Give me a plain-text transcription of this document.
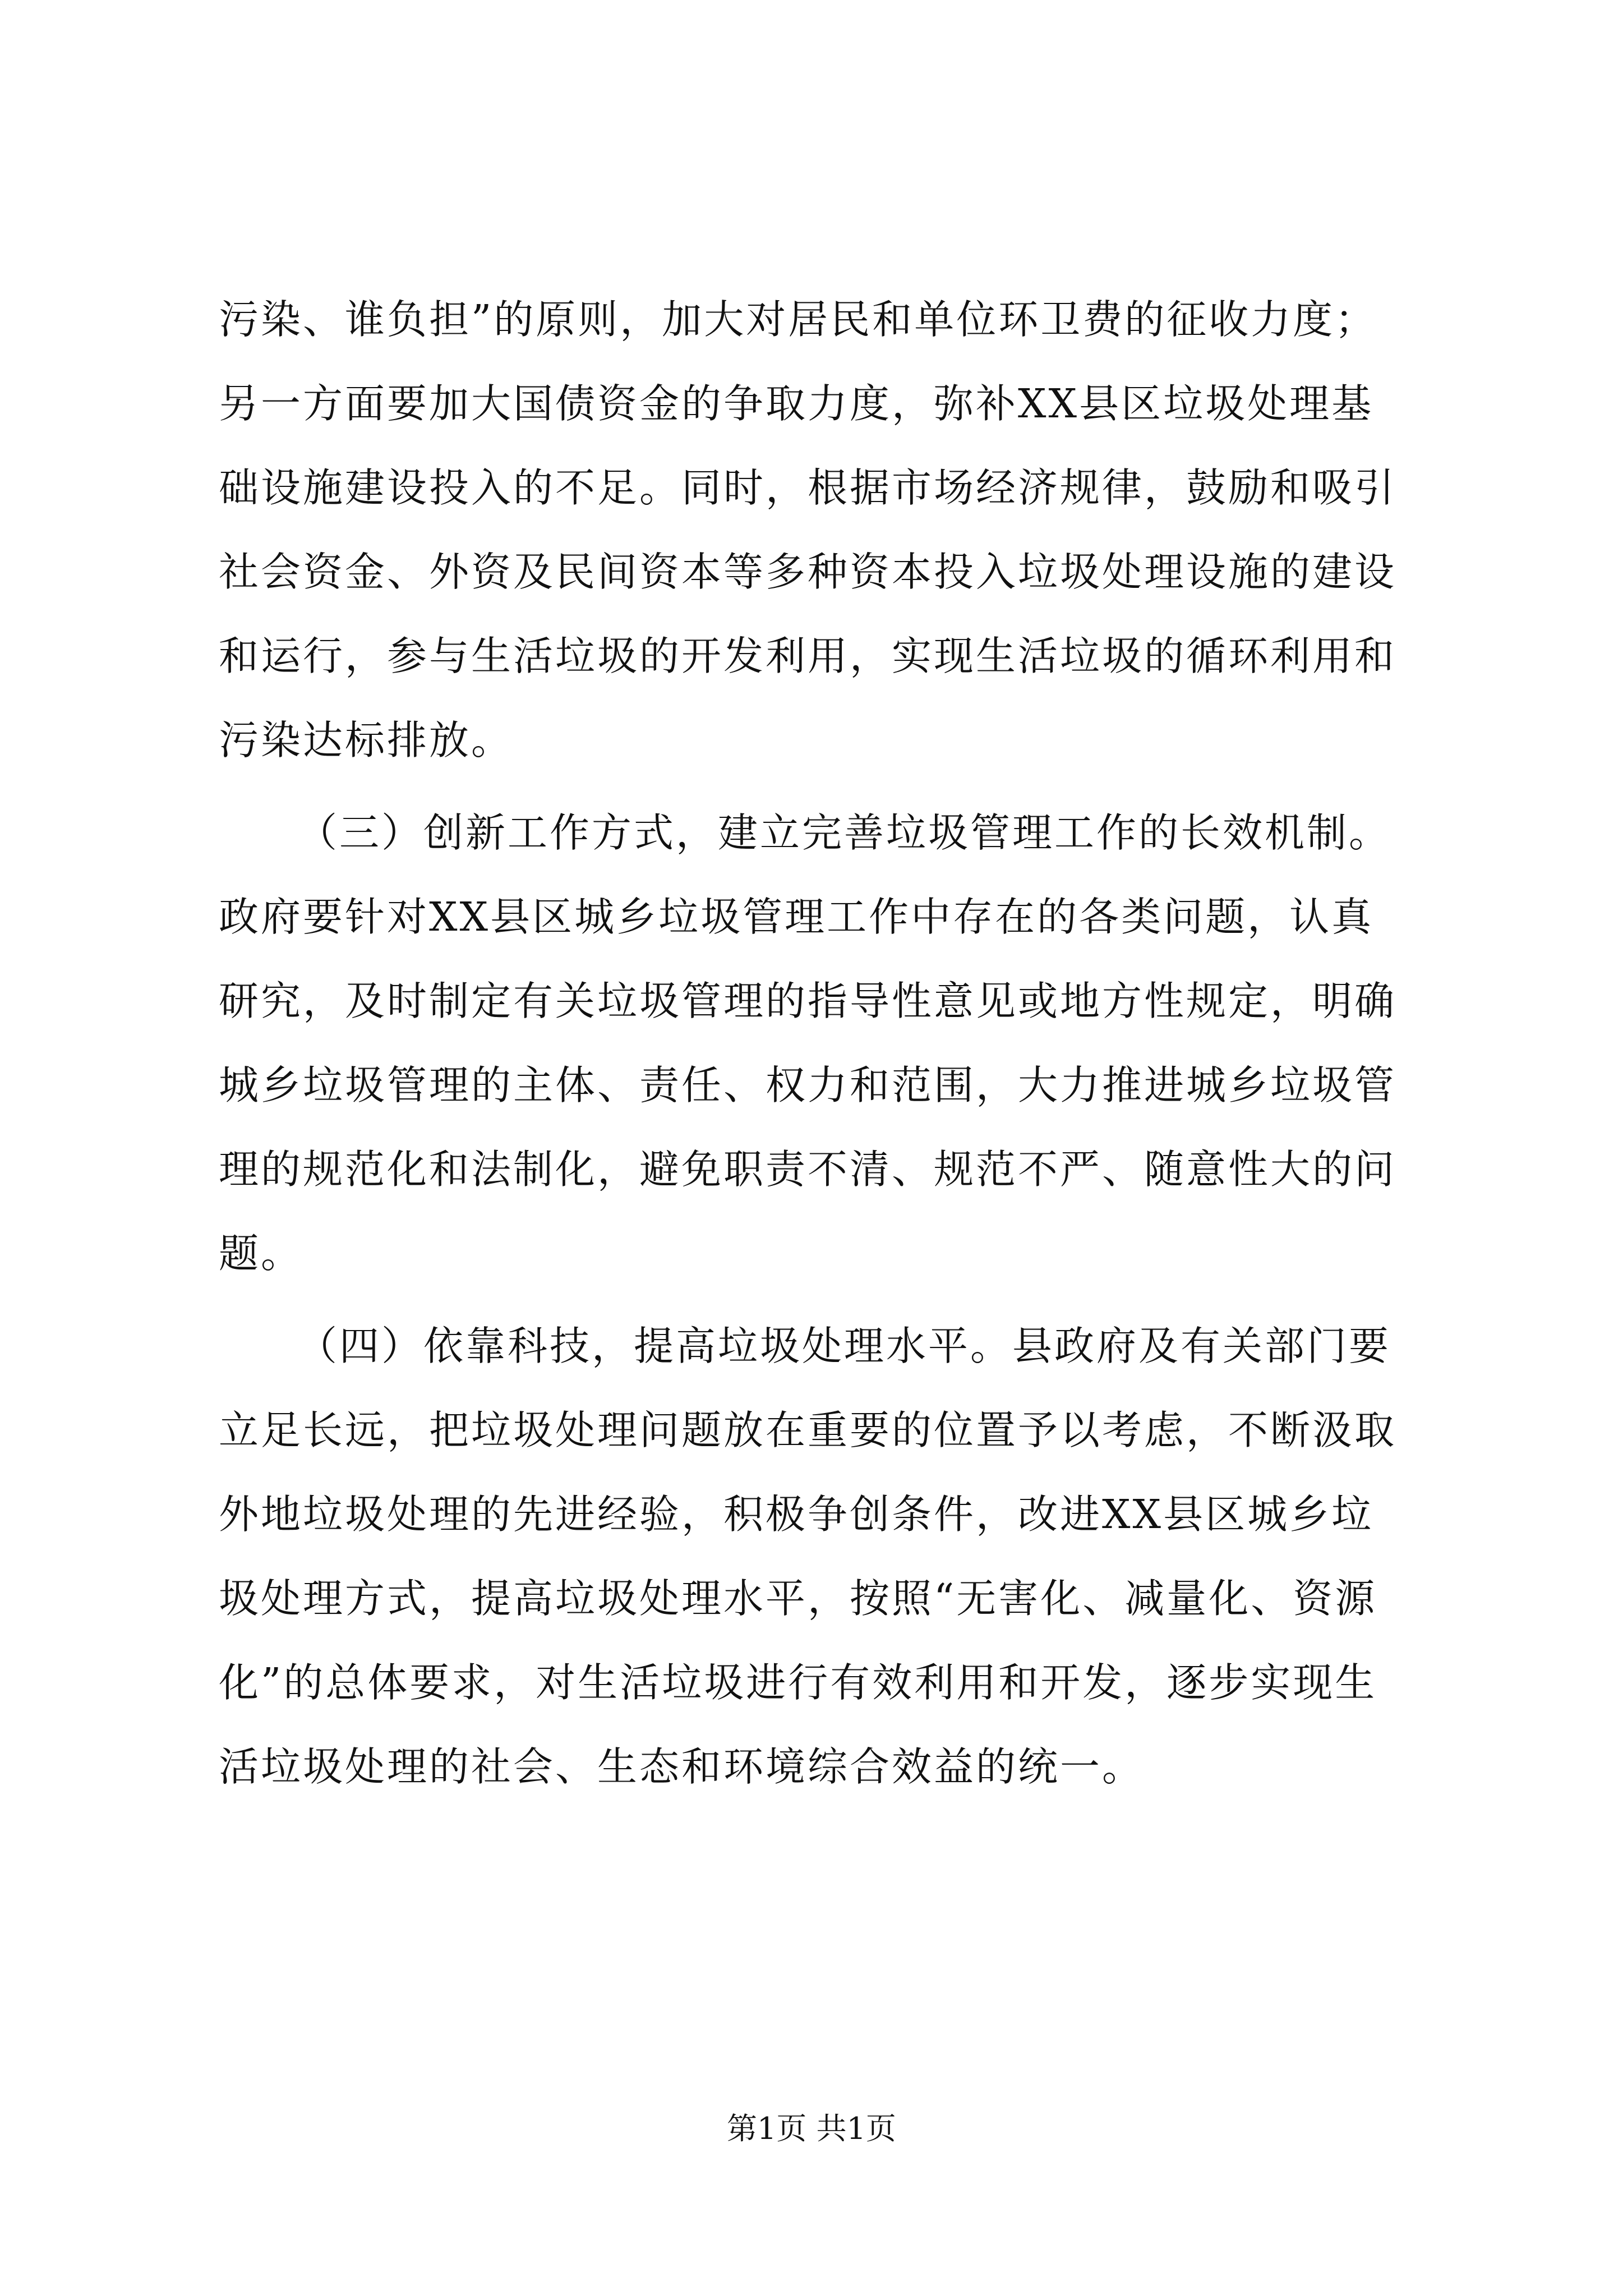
污染、谁负担”的原则，加大对居民和单位环卫费的征收力度；
另一方面要加大国债资金的争取力度，弥补XX县区垃圾处理基
础设施建设投入的不足。同时，根据市场经济规律，鼓励和吸引
社会资金、外资及民间资本等多种资本投入垃圾处理设施的建设
和运行，参与生活垃圾的开发利用，实现生活垃圾的循环利用和
污染达标排放。
（三）创新工作方式，建立完善垃圾管理工作的长效机制。
政府要针对XX县区城乡垃圾管理工作中存在的各类问题，认真
研究，及时制定有关垃圾管理的指导性意见或地方性规定，明确
城乡垃圾管理的主体、责任、权力和范围，大力推进城乡垃圾管
理的规范化和法制化，避免职责不清、规范不严、随意性大的问
题。
（四）依靠科技，提高垃圾处理水平。县政府及有关部门要
立足长远，把垃圾处理问题放在重要的位置予以考虑，不断汲取
外地垃圾处理的先进经验，积极争创条件，改进XX县区城乡垃
圾处理方式，提高垃圾处理水平，按照“无害化、减量化、资源
化”的总体要求，对生活垃圾进行有效利用和开发，逐步实现生
活垃圾处理的社会、生态和环境综合效益的统一。
第1页 共1页
